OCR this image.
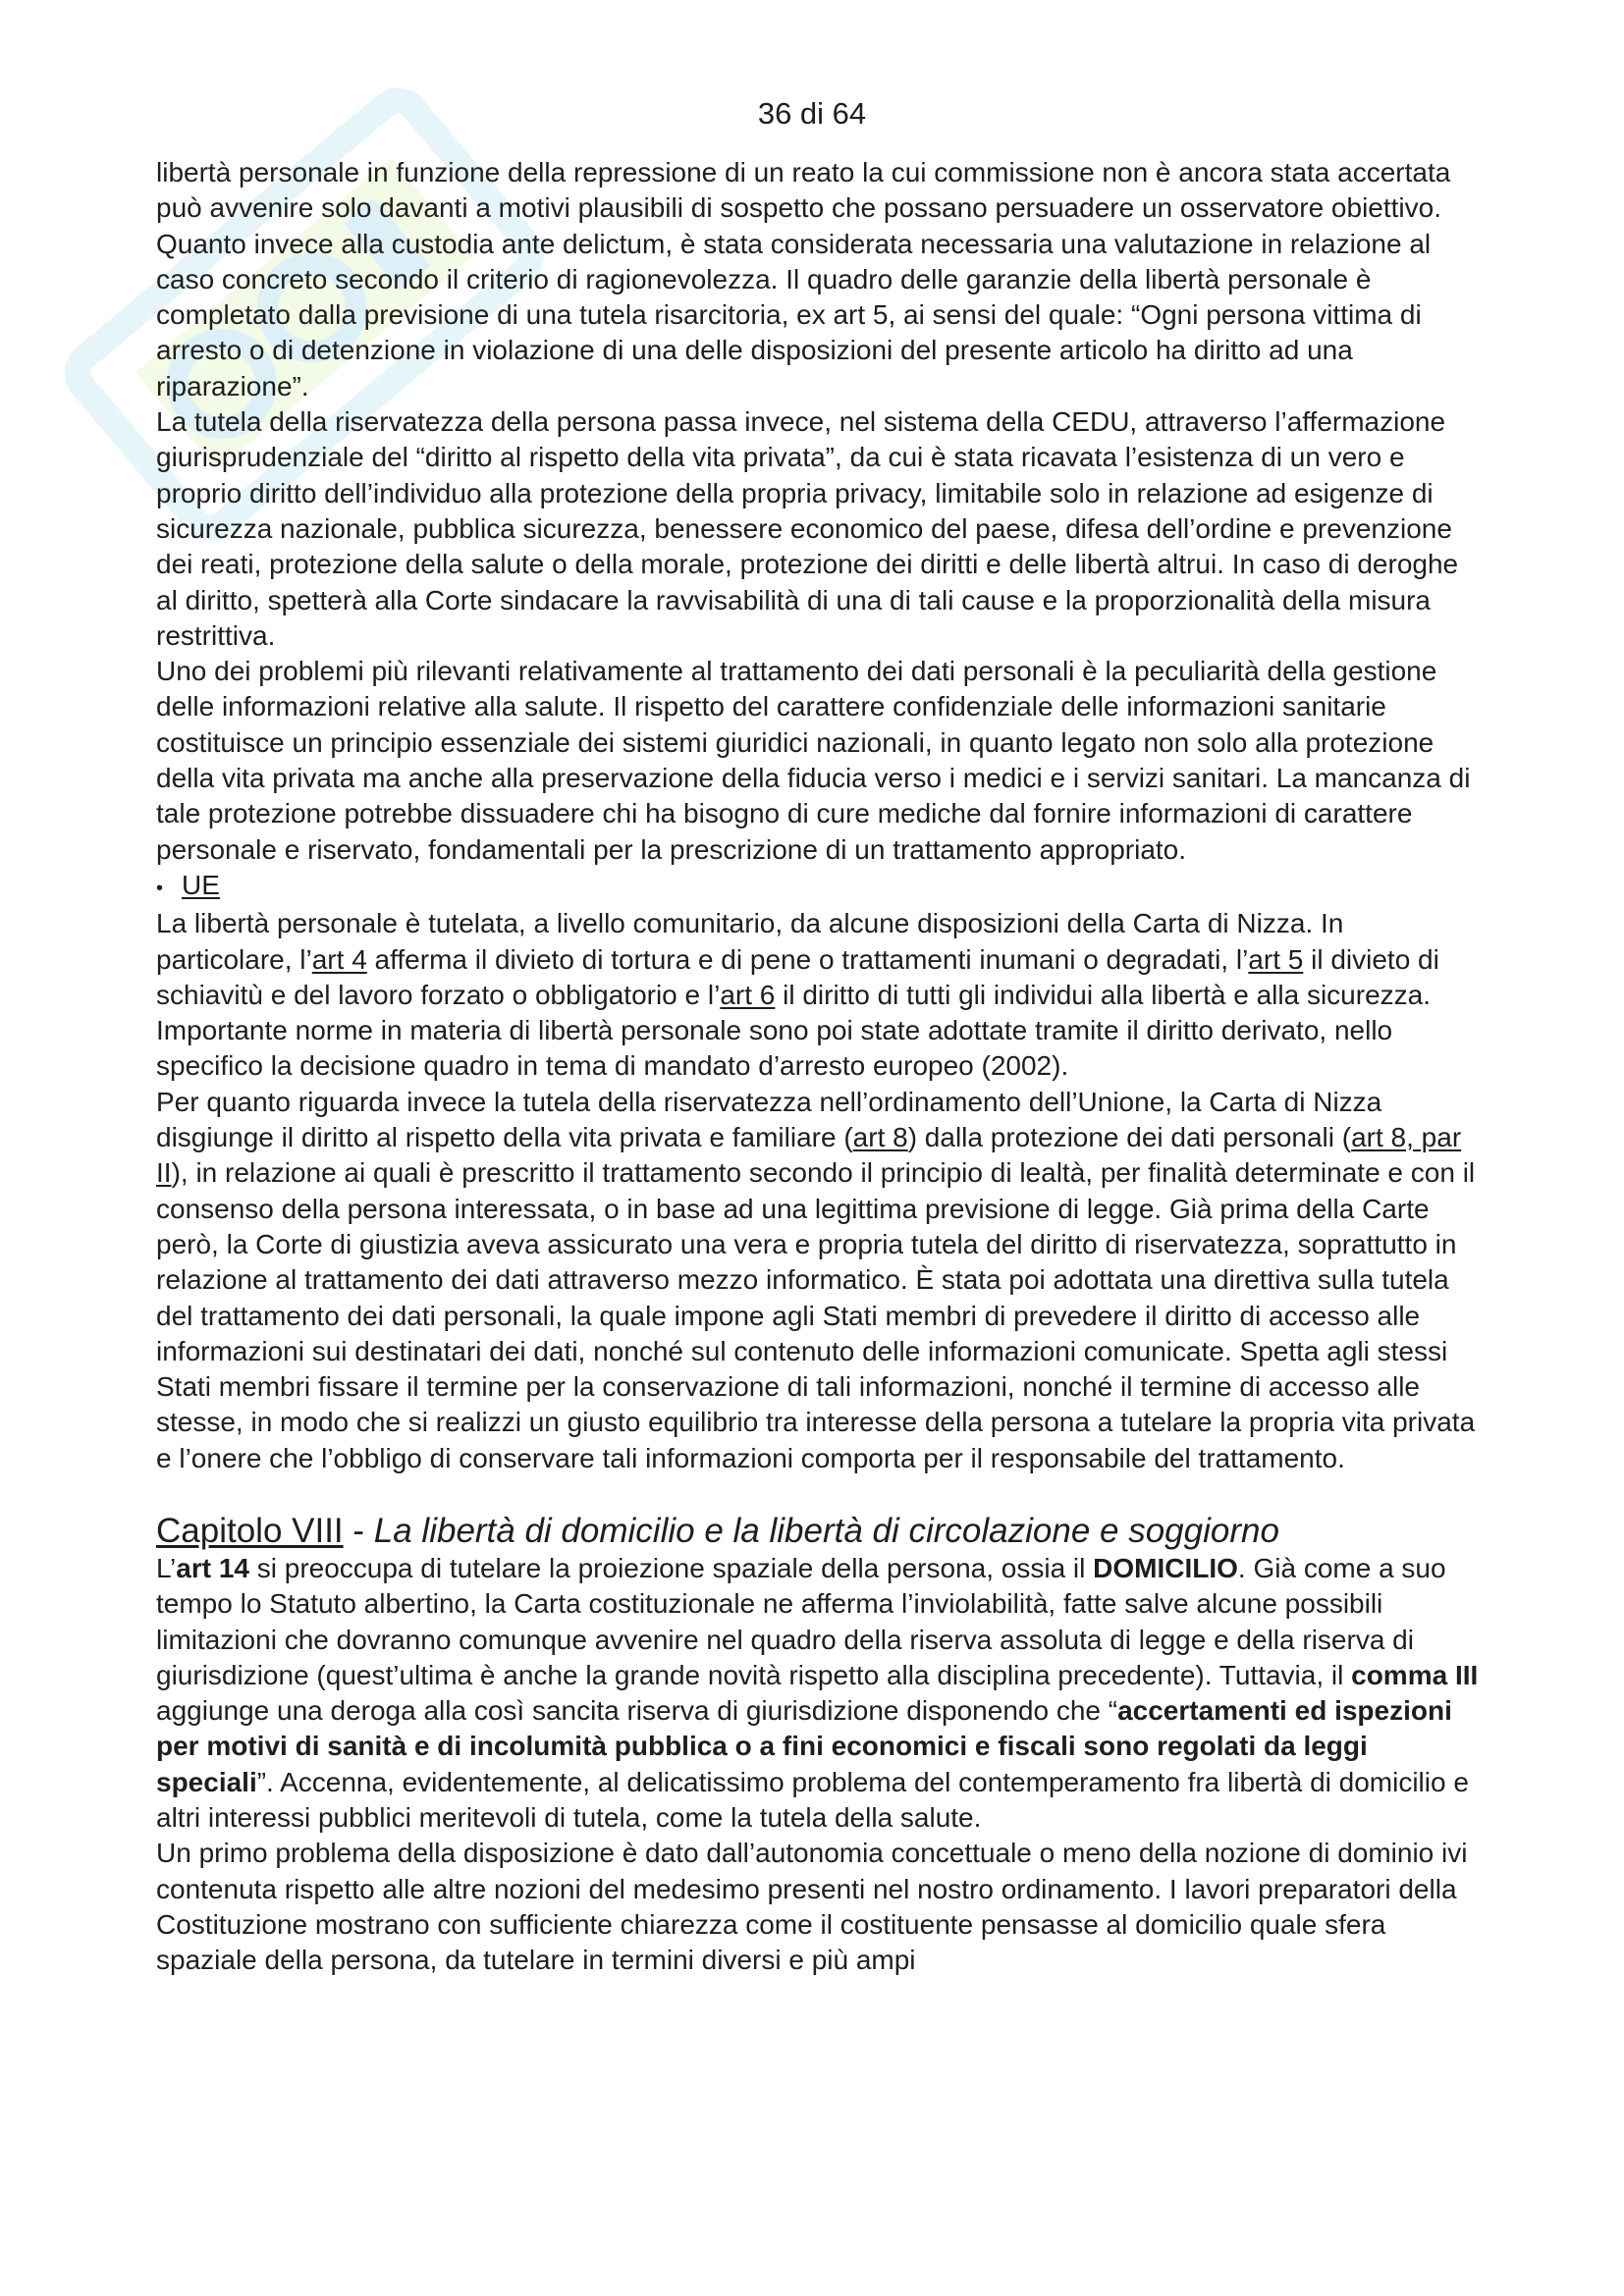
36 di 64

libertà personale in funzione della repressione di un reato la cui commissione non è ancora stata accertata può avvenire solo davanti a motivi plausibili di sospetto che possano persuadere un osservatore obiettivo. Quanto invece alla custodia ante delictum, è stata considerata necessaria una valutazione in relazione al caso concreto secondo il criterio di ragionevolezza. Il quadro delle garanzie della libertà personale è completato dalla previsione di una tutela risarcitoria, ex art 5, ai sensi del quale: “Ogni persona vittima di arresto o di detenzione in violazione di una delle disposizioni del presente articolo ha diritto ad una riparazione”.

La tutela della riservatezza della persona passa invece, nel sistema della CEDU, attraverso l’affermazione giurisprudenziale del “diritto al rispetto della vita privata”, da cui è stata ricavata l’esistenza di un vero e proprio diritto dell’individuo alla protezione della propria privacy, limitabile solo in relazione ad esigenze di sicurezza nazionale, pubblica sicurezza, benessere economico del paese, difesa dell’ordine e prevenzione dei reati, protezione della salute o della morale, protezione dei diritti e delle libertà altrui. In caso di deroghe al diritto, spetterà alla Corte sindacare la ravvisabilità di una di tali cause e la proporzionalità della misura restrittiva.

Uno dei problemi più rilevanti relativamente al trattamento dei dati personali è la peculiarità della gestione delle informazioni relative alla salute. Il rispetto del carattere confidenziale delle informazioni sanitarie costituisce un principio essenziale dei sistemi giuridici nazionali, in quanto legato non solo alla protezione della vita privata ma anche alla preservazione della fiducia verso i medici e i servizi sanitari. La mancanza di tale protezione potrebbe dissuadere chi ha bisogno di cure mediche dal fornire informazioni di carattere personale e riservato, fondamentali per la prescrizione di un trattamento appropriato.

• UE

La libertà personale è tutelata, a livello comunitario, da alcune disposizioni della Carta di Nizza. In particolare, l’art 4 afferma il divieto di tortura e di pene o trattamenti inumani o degradati, l’art 5 il divieto di schiavitù e del lavoro forzato o obbligatorio e l’art 6 il diritto di tutti gli individui alla libertà e alla sicurezza. Importante norme in materia di libertà personale sono poi state adottate tramite il diritto derivato, nello specifico la decisione quadro in tema di mandato d’arresto europeo (2002).

Per quanto riguarda invece la tutela della riservatezza nell’ordinamento dell’Unione, la Carta di Nizza disgiunge il diritto al rispetto della vita privata e familiare (art 8) dalla protezione dei dati personali (art 8, par II), in relazione ai quali è prescritto il trattamento secondo il principio di lealtà, per finalità determinate e con il consenso della persona interessata, o in base ad una legittima previsione di legge. Già prima della Carte però, la Corte di giustizia aveva assicurato una vera e propria tutela del diritto di riservatezza, soprattutto in relazione al trattamento dei dati attraverso mezzo informatico. È stata poi adottata una direttiva sulla tutela del trattamento dei dati personali, la quale impone agli Stati membri di prevedere il diritto di accesso alle informazioni sui destinatari dei dati, nonché sul contenuto delle informazioni comunicate. Spetta agli stessi Stati membri fissare il termine per la conservazione di tali informazioni, nonché il termine di accesso alle stesse, in modo che si realizzi un giusto equilibrio tra interesse della persona a tutelare la propria vita privata e l’onere che l’obbligo di conservare tali informazioni comporta per il responsabile del trattamento.

Capitolo VIII - La libertà di domicilio e la libertà di circolazione e soggiorno

L’art 14 si preoccupa di tutelare la proiezione spaziale della persona, ossia il DOMICILIO. Già come a suo tempo lo Statuto albertino, la Carta costituzionale ne afferma l’inviolabilità, fatte salve alcune possibili limitazioni che dovranno comunque avvenire nel quadro della riserva assoluta di legge e della riserva di giurisdizione (quest’ultima è anche la grande novità rispetto alla disciplina precedente). Tuttavia, il comma III aggiunge una deroga alla così sancita riserva di giurisdizione disponendo che “accertamenti ed ispezioni per motivi di sanità e di incolumità pubblica o a fini economici e fiscali sono regolati da leggi speciali”. Accenna, evidentemente, al delicatissimo problema del contemperamento fra libertà di domicilio e altri interessi pubblici meritevoli di tutela, come la tutela della salute.

Un primo problema della disposizione è dato dall’autonomia concettuale o meno della nozione di dominio ivi contenuta rispetto alle altre nozioni del medesimo presenti nel nostro ordinamento. I lavori preparatori della Costituzione mostrano con sufficiente chiarezza come il costituente pensasse al domicilio quale sfera spaziale della persona, da tutelare in termini diversi e più ampi
